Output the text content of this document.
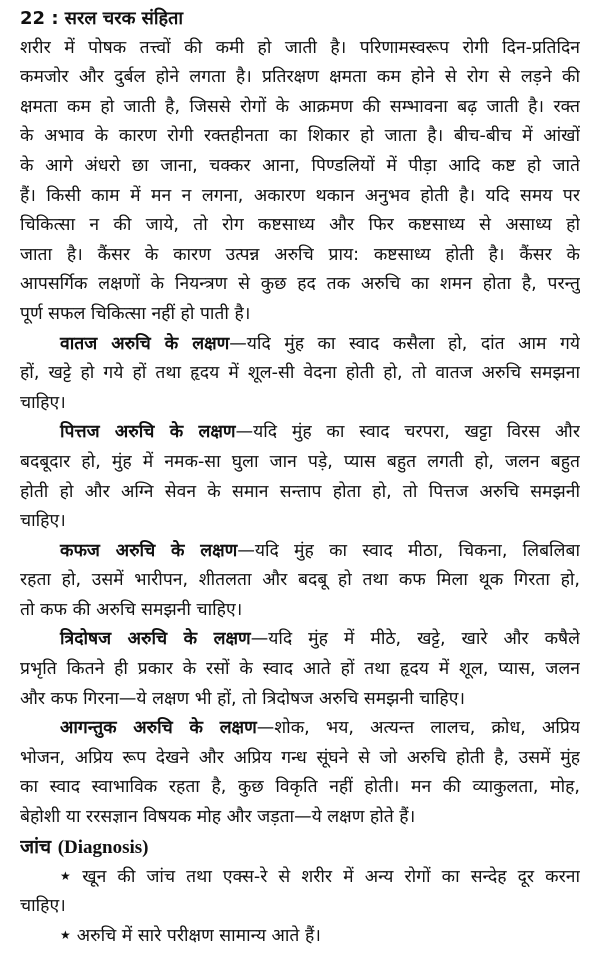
22 : सरल चरक संहिता
शरीर में पोषक तत्त्वों की कमी हो जाती है। परिणामस्वरूप रोगी दिन-प्रतिदिन
कमजोर और दुर्बल होने लगता है। प्रतिरक्षण क्षमता कम होने से रोग से लड़ने की
क्षमता कम हो जाती है, जिससे रोगों के आक्रमण की सम्भावना बढ़ जाती है। रक्त
के अभाव के कारण रोगी रक्तहीनता का शिकार हो जाता है। बीच-बीच में आंखों
के आगे अंधरो छा जाना, चक्कर आना, पिण्डलियों में पीड़ा आदि कष्ट हो जाते
हैं। किसी काम में मन न लगना, अकारण थकान अनुभव होती है। यदि समय पर
चिकित्सा न की जाये, तो रोग कष्टसाध्य और फिर कष्टसाध्य से असाध्य हो
जाता है। कैंसर के कारण उत्पन्न अरुचि प्राय: कष्टसाध्य होती है। कैंसर के
आपसर्गिक लक्षणों के नियन्त्रण से कुछ हद तक अरुचि का शमन होता है, परन्तु
पूर्ण सफल चिकित्सा नहीं हो पाती है।
वातज अरुचि के लक्षण—यदि मुंह का स्वाद कसैला हो, दांत आम गये
हों, खट्टे हो गये हों तथा हृदय में शूल-सी वेदना होती हो, तो वातज अरुचि समझना
चाहिए।
पित्तज अरुचि के लक्षण—यदि मुंह का स्वाद चरपरा, खट्टा विरस और
बदबूदार हो, मुंह में नमक-सा घुला जान पड़े, प्यास बहुत लगती हो, जलन बहुत
होती हो और अग्नि सेवन के समान सन्ताप होता हो, तो पित्तज अरुचि समझनी
चाहिए।
कफज अरुचि के लक्षण—यदि मुंह का स्वाद मीठा, चिकना, लिबलिबा
रहता हो, उसमें भारीपन, शीतलता और बदबू हो तथा कफ मिला थूक गिरता हो,
तो कफ की अरुचि समझनी चाहिए।
त्रिदोषज अरुचि के लक्षण—यदि मुंह में मीठे, खट्टे, खारे और कषैले
प्रभृति कितने ही प्रकार के रसों के स्वाद आते हों तथा हृदय में शूल, प्यास, जलन
और कफ गिरना—ये लक्षण भी हों, तो त्रिदोषज अरुचि समझनी चाहिए।
आगन्तुक अरुचि के लक्षण—शोक, भय, अत्यन्त लालच, क्रोध, अप्रिय
भोजन, अप्रिय रूप देखने और अप्रिय गन्ध सूंघने से जो अरुचि होती है, उसमें मुंह
का स्वाद स्वाभाविक रहता है, कुछ विकृति नहीं होती। मन की व्याकुलता, मोह,
बेहोशी या ररसज्ञान विषयक मोह और जड़ता—ये लक्षण होते हैं।
जांच (Diagnosis)
★ खून की जांच तथा एक्स-रे से शरीर में अन्य रोगों का सन्देह दूर करना
चाहिए।
★ अरुचि में सारे परीक्षण सामान्य आते हैं।
